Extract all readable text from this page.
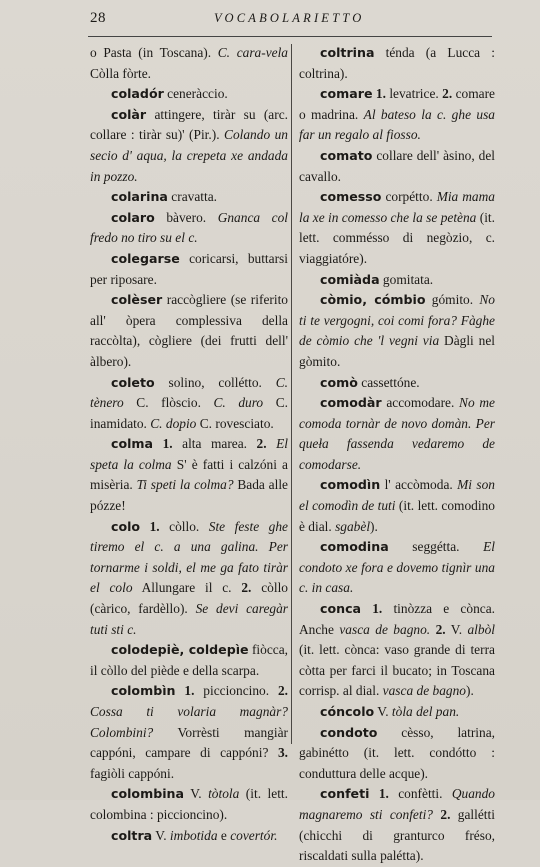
28	VOCABOLARIETTO

o Pasta (in Toscana). C. cara-vela Còlla fòrte.

coladór ceneràccio.

colàr attingere, tiràr su (arc. collare : tiràr su)' (Pir.). Colando un secio d' aqua, la crepeta xe andada in pozzo.

colarina cravatta.

colaro bàvero. Gnanca col fredo no tiro su el c.

colegarse coricarsi, buttarsi per riposare.

colèser raccògliere (se riferito all' òpera complessiva della raccòlta), cògliere (dei frutti dell' àlbero).

coleto solino, collétto. C. tènero C. flòscio. C. duro C. inamidato. C. dopio C. rovesciato.

colma 1. alta marea. 2. El speta la colma S' è fatti i calzóni a misèria. Ti speti la colma? Bada alle pózze!

colo 1. còllo. Ste feste ghe tiremo el c. a una galina. Per tornarme i soldi, el me ga fato tiràr el colo Allungare il c. 2. còllo (càrico, fardèllo). Se devi caregàr tuti sti c.

colodepiè, coldepìe fiòcca, il còllo del piède e della scarpa.

colombìn 1. piccioncino. 2. Cossa ti volaria magnàr? Colombini? Vorrèsti mangiàr cappóni, campare di cappóni? 3. fagiòli cappóni.

colombina V. tòtola (it. lett. colombina : piccioncino).

coltra V. imbotida e covertór.

coltrina ténda (a Lucca : coltrina).

comare 1. levatrice. 2. comare o madrina. Al bateso la c. ghe usa far un regalo al fiosso.

comato collare dell' àsino, del cavallo.

comesso corpétto. Mia mama la xe in comesso che la se petèna (it. lett. commésso di negòzio, c. viaggiatóre).

comiàda gomitata.

còmio, cómbio gómito. No ti te vergogni, coi comi fora? Fàghe de còmio che 'l vegni via Dàgli nel gòmito.

comò cassettóne.

comodàr accomodare. No me comoda tornàr de novo domàn. Per queła fassenda vedaremo de comodarse.

comodìn l' accòmoda. Mi son el comodìn de tuti (it. lett. comodino è dial. sgabèl).

comodina seggétta. El condoto xe fora e dovemo tignìr una c. in casa.

conca 1. tinòzza e cònca. Anche vasca de bagno. 2. V. albòl (it. lett. cònca: vaso grande di terra còtta per farci il bucato; in Toscana corrisp. al dial. vasca de bagno).

cóncolo V. tòla del pan.

condoto cèsso, latrina, gabinétto (it. lett. condótto : conduttura delle acque).

confeti 1. confètti. Quando magnaremo sti confeti? 2. gallétti (chicchi di granturco fréso, riscaldati sulla palétta).
